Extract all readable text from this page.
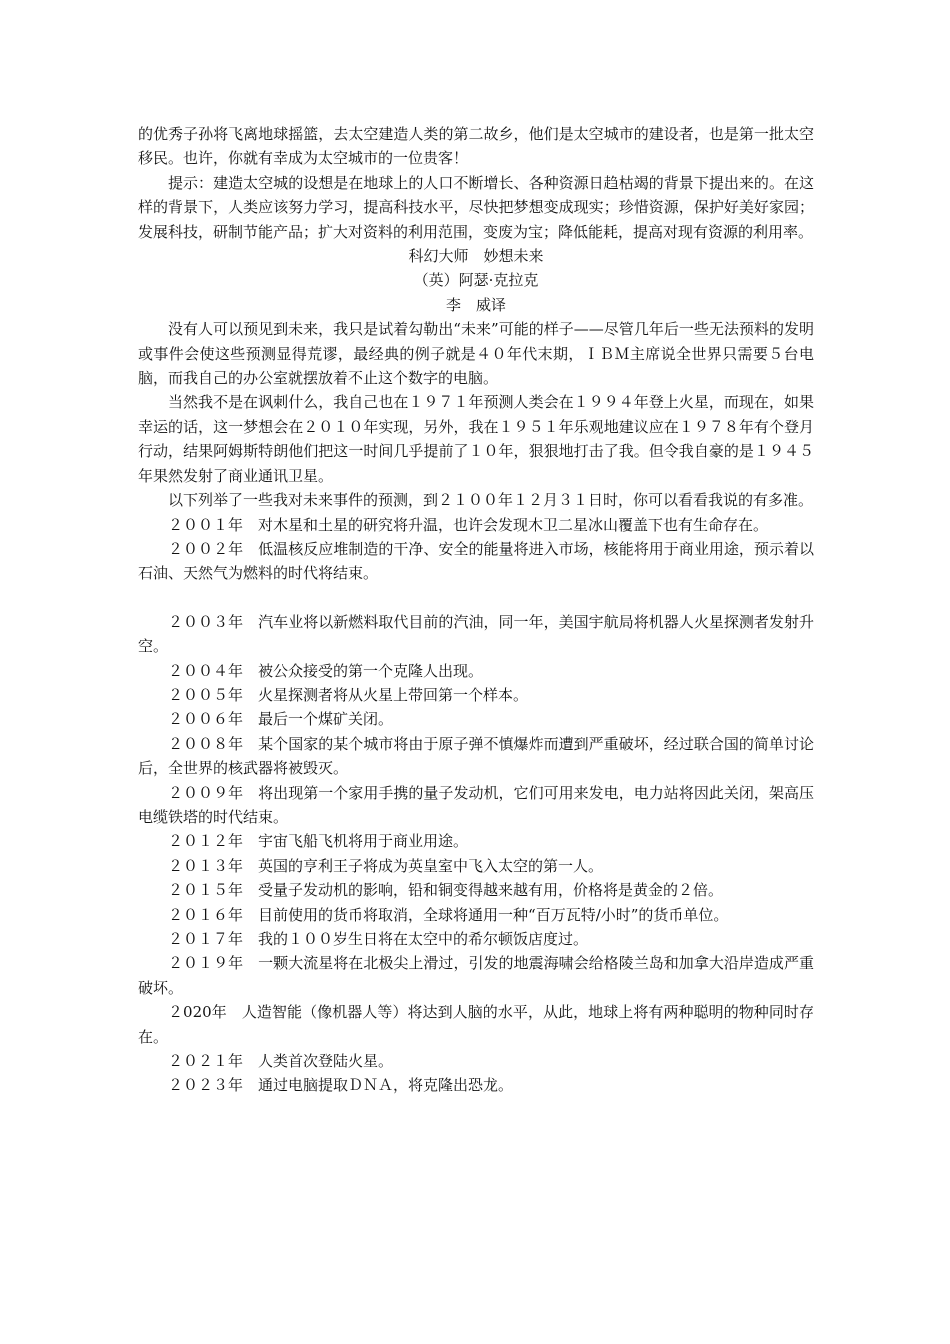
的优秀子孙将飞离地球摇篮，去太空建造人类的第二故乡，他们是太空城市的建设者，也是第一批太空移民。也许，你就有幸成为太空城市的一位贵客！

提示：建造太空城的设想是在地球上的人口不断增长、各种资源日趋枯竭的背景下提出来的。在这样的背景下，人类应该努力学习，提高科技水平，尽快把梦想变成现实；珍惜资源，保护好美好家园；发展科技，研制节能产品；扩大对资料的利用范围，变废为宝；降低能耗，提高对现有资源的利用率。

科幻大师　妙想未来

（英）阿瑟·克拉克

李　威译

没有人可以预见到未来，我只是试着勾勒出“未来”可能的样子——尽管几年后一些无法预料的发明或事件会使这些预测显得荒谬，最经典的例子就是４０年代末期，ＩＢＭ主席说全世界只需要５台电脑，而我自己的办公室就摆放着不止这个数字的电脑。

当然我不是在讽刺什么，我自己也在１９７１年预测人类会在１９９４年登上火星，而现在，如果幸运的话，这一梦想会在２０１０年实现，另外，我在１９５１年乐观地建议应在１９７８年有个登月行动，结果阿姆斯特朗他们把这一时间几乎提前了１０年，狠狠地打击了我。但令我自豪的是１９４５年果然发射了商业通讯卫星。

以下列举了一些我对未来事件的预测，到２１００年１２月３１日时，你可以看看我说的有多准。

２００１年　 对木星和土星的研究将升温，也许会发现木卫二星冰山覆盖下也有生命存在。

２００２年　 低温核反应堆制造的干净、安全的能量将进入市场，核能将用于商业用途，预示着以石油、天然气为燃料的时代将结束。

２００３年　 汽车业将以新燃料取代目前的汽油，同一年，美国宇航局将机器人火星探测者发射升空。

２００４年　 被公众接受的第一个克隆人出现。

２００５年　 火星探测者将从火星上带回第一个样本。

２００６年　 最后一个煤矿关闭。

２００８年　 某个国家的某个城市将由于原子弹不慎爆炸而遭到严重破坏，经过联合国的简单讨论后，全世界的核武器将被毁灭。

２００９年　 将出现第一个家用手携的量子发动机，它们可用来发电，电力站将因此关闭，架高压电缆铁塔的时代结束。

２０１２年　 宇宙飞船飞机将用于商业用途。

２０１３年　 英国的亨利王子将成为英皇室中飞入太空的第一人。

２０１５年　 受量子发动机的影响，铅和铜变得越来越有用，价格将是黄金的２倍。

２０１６年　 目前使用的货币将取消，全球将通用一种“百万瓦特/小时”的货币单位。

２０１７年　 我的１００岁生日将在太空中的希尔顿饭店度过。

２０１９年　 一颗大流星将在北极尖上滑过，引发的地震海啸会给格陵兰岛和加拿大沿岸造成严重破坏。

２020年　 人造智能（像机器人等）将达到人脑的水平，从此，地球上将有两种聪明的物种同时存在。

２０２１年　 人类首次登陆火星。

２０２３年　 通过电脑提取ＤＮＡ，将克隆出恐龙。
